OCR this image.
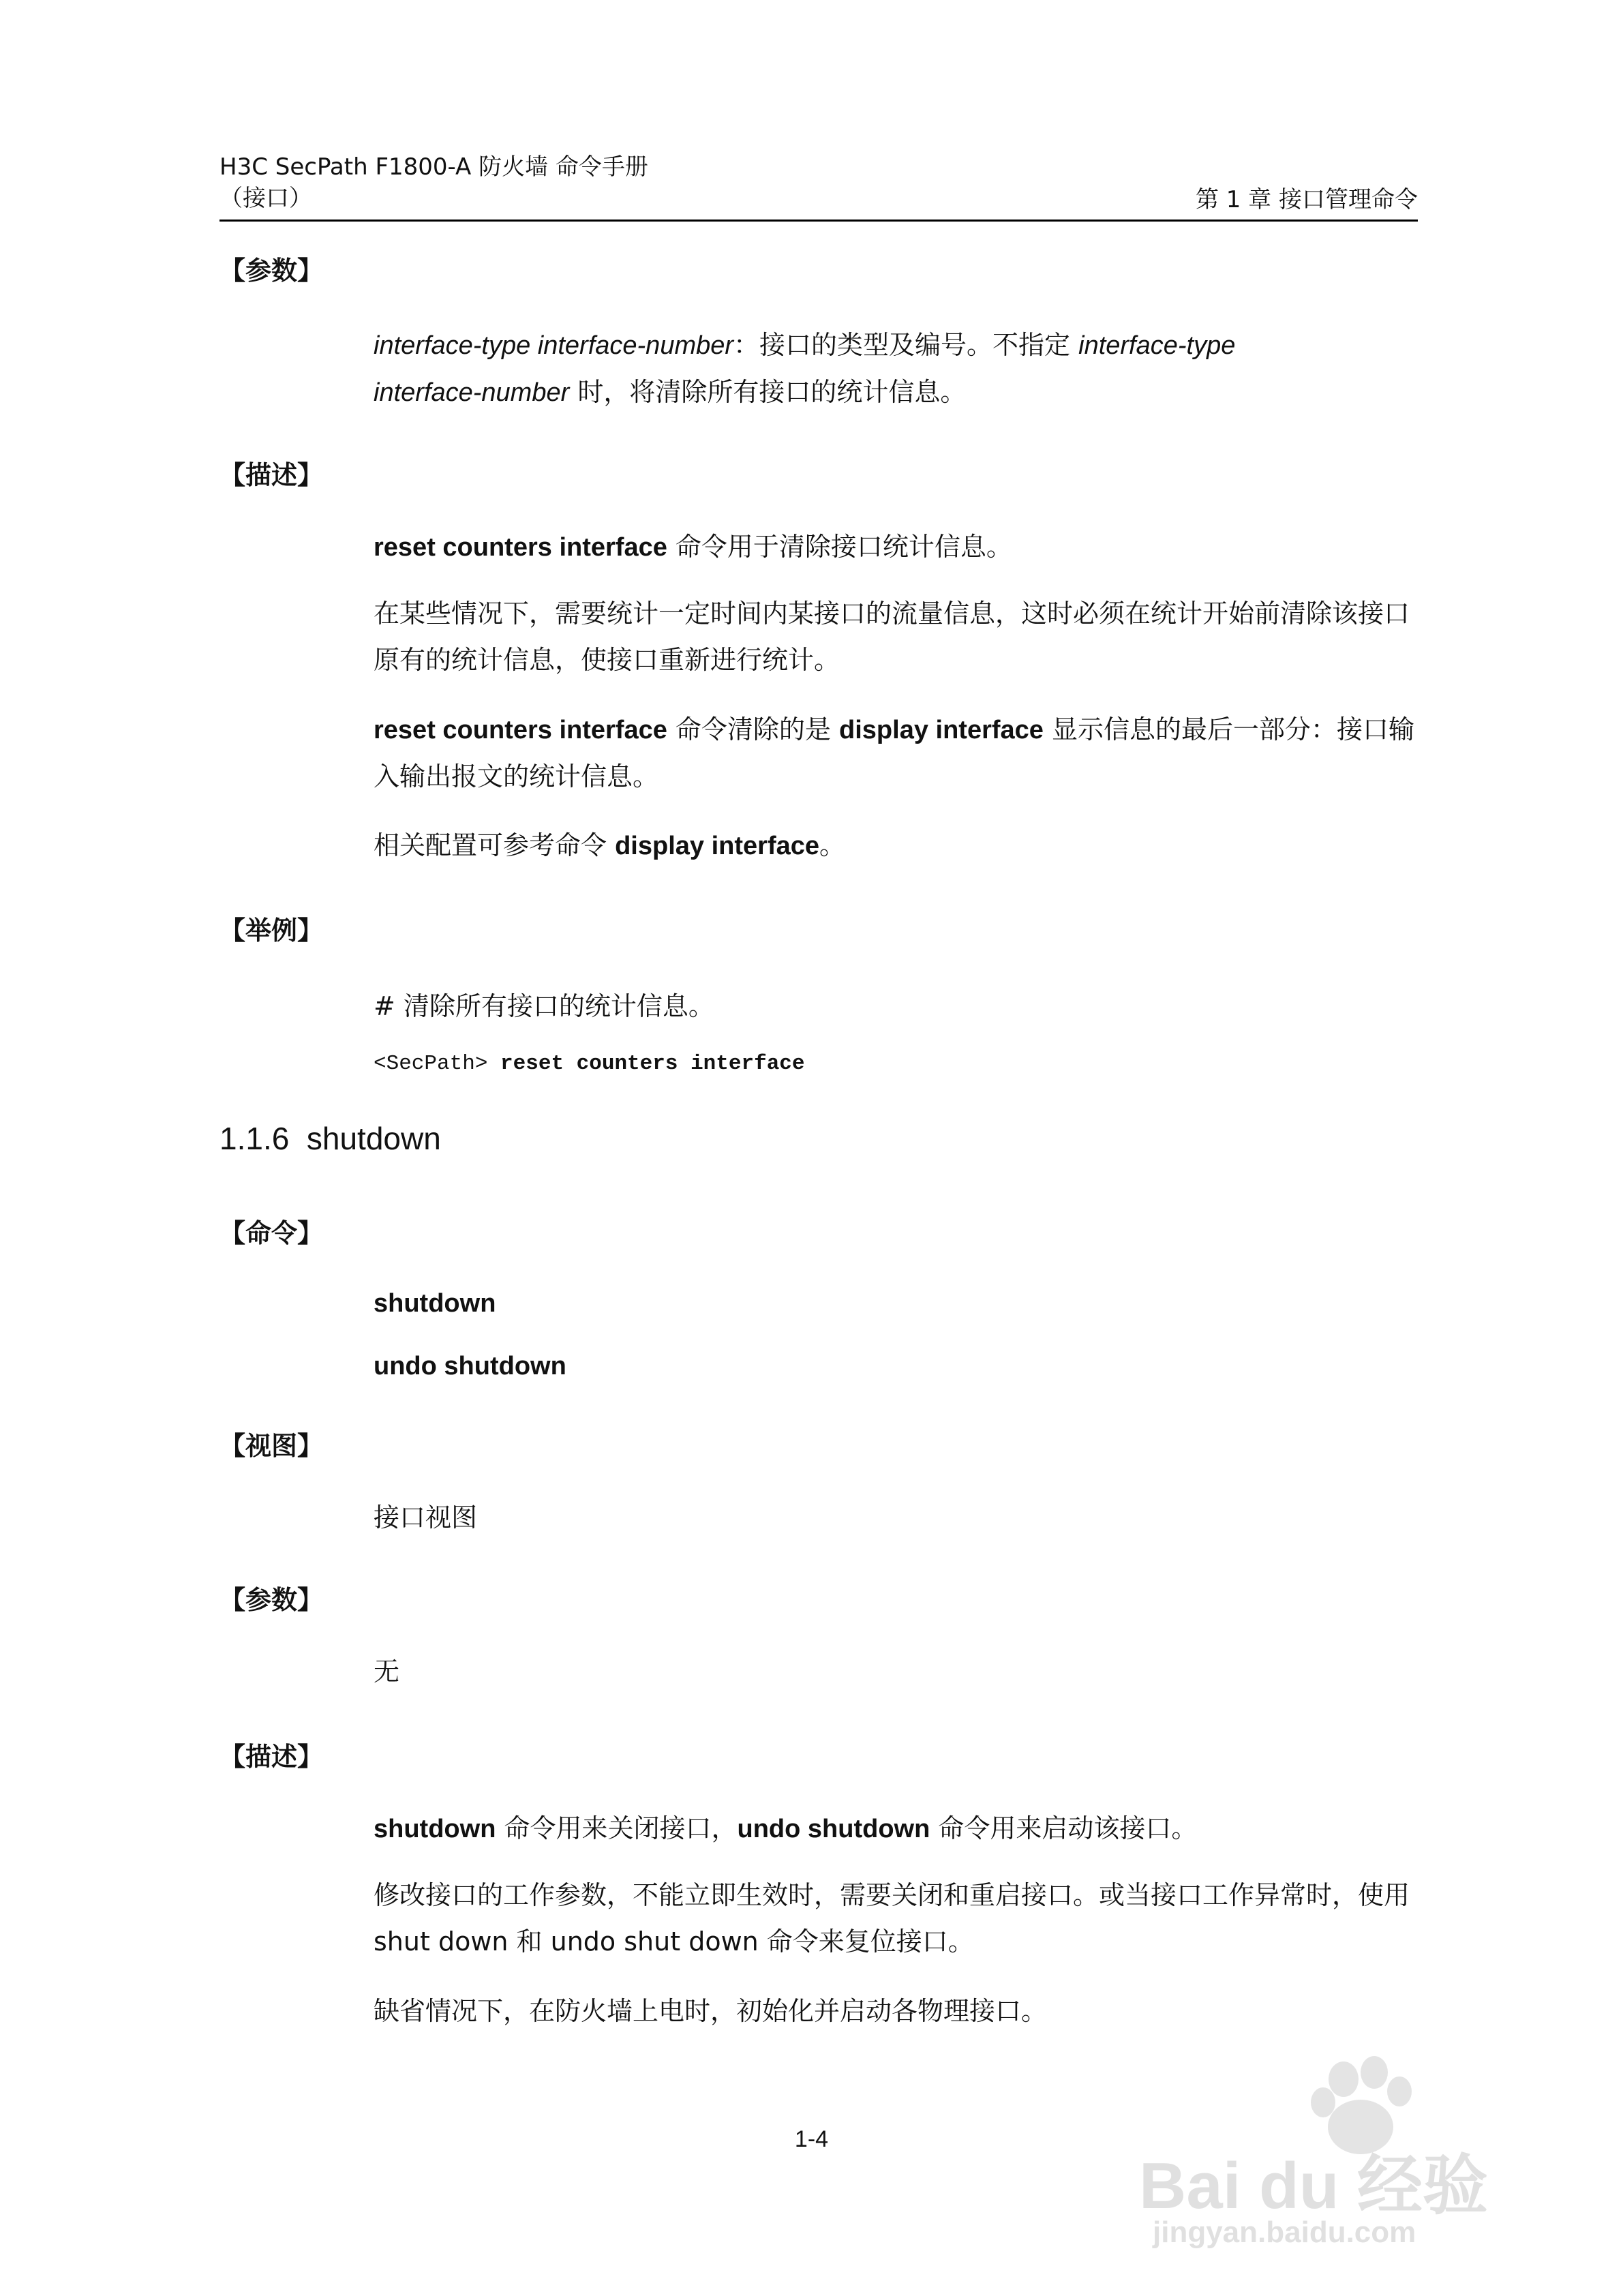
H3C SecPath F1800-A 防火墙 命令手册
（接口）	第 1 章 接口管理命令
【参数】
interface-type interface-number：接口的类型及编号。不指定 interface-type
interface-number 时，将清除所有接口的统计信息。
【描述】
reset counters interface 命令用于清除接口统计信息。
在某些情况下，需要统计一定时间内某接口的流量信息，这时必须在统计开始前清除该接口原有的统计信息，使接口重新进行统计。
reset counters interface 命令清除的是 display interface 显示信息的最后一部分：接口输入输出报文的统计信息。
相关配置可参考命令 display interface。
【举例】
# 清除所有接口的统计信息。
<SecPath> reset counters interface
1.1.6 shutdown
【命令】
shutdown
undo shutdown
【视图】
接口视图
【参数】
无
【描述】
shutdown 命令用来关闭接口，undo shutdown 命令用来启动该接口。
修改接口的工作参数，不能立即生效时，需要关闭和重启接口。或当接口工作异常时，使用 shut down 和 undo shut down 命令来复位接口。
缺省情况下，在防火墙上电时，初始化并启动各物理接口。
1-4
Bai du 经验
jingyan.baidu.com
